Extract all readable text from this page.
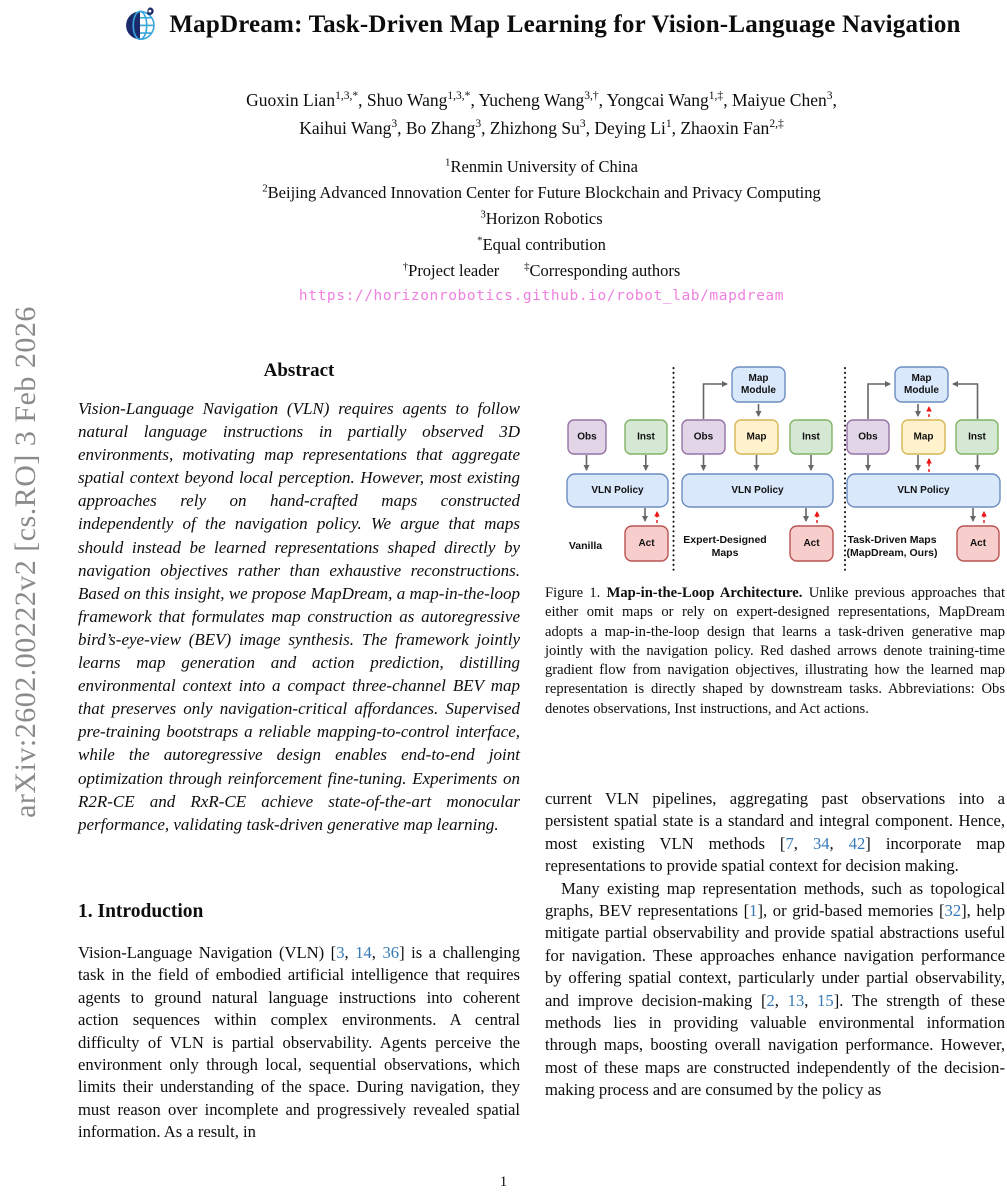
arXiv:2602.00222v2 [cs.RO] 3 Feb 2026
MapDream: Task-Driven Map Learning for Vision-Language Navigation
Guoxin Lian$^{1,3,*}$, Shuo Wang$^{1,3,*}$, Yucheng Wang$^{3,\dagger}$, Yongcai Wang$^{1,\ddagger}$, Maiyue Chen$^3$,
Kaihui Wang$^3$, Bo Zhang$^3$, Zhizhong Su$^3$, Deying Li$^1$, Zhaoxin Fan$^{2,\ddagger}$
$^1$Renmin University of China
$^2$Beijing Advanced Innovation Center for Future Blockchain and Privacy Computing
$^3$Horizon Robotics
*Equal contribution
†Project leader   ‡Corresponding authors
https://horizonrobotics.github.io/robot_lab/mapdream
Abstract
Vision-Language Navigation (VLN) requires agents to follow natural language instructions in partially observed 3D environments, motivating map representations that aggregate spatial context beyond local perception. However, most existing approaches rely on hand-crafted maps constructed independently of the navigation policy. We argue that maps should instead be learned representations shaped directly by navigation objectives rather than exhaustive reconstructions. Based on this insight, we propose MapDream, a map-in-the-loop framework that formulates map construction as autoregressive bird’s-eye-view (BEV) image synthesis. The framework jointly learns map generation and action prediction, distilling environmental context into a compact three-channel BEV map that preserves only navigation-critical affordances. Supervised pre-training bootstraps a reliable mapping-to-control interface, while the autoregressive design enables end-to-end joint optimization through reinforcement fine-tuning. Experiments on R2R-CE and RxR-CE achieve state-of-the-art monocular performance, validating task-driven generative map learning.
1. Introduction
Vision-Language Navigation (VLN) [3, 14, 36] is a challenging task in the field of embodied artificial intelligence that requires agents to ground natural language instructions into coherent action sequences within complex environments. A central difficulty of VLN is partial observability. Agents perceive the environment only through local, sequential observations, which limits their understanding of the space. During navigation, they must reason over incomplete and progressively revealed spatial information. As a result, in
Obs	Inst
VLN Policy
Act
Vanilla
Map
Module
Obs	Map	Inst
VLN Policy
Act
Expert-Designed
Maps
Map
Module
Obs	Map	Inst
VLN Policy
Act
Task-Driven Maps
(MapDream, Ours)
Figure 1. Map-in-the-Loop Architecture. Unlike previous approaches that either omit maps or rely on expert-designed representations, MapDream adopts a map-in-the-loop design that learns a task-driven generative map jointly with the navigation policy. Red dashed arrows denote training-time gradient flow from navigation objectives, illustrating how the learned map representation is directly shaped by downstream tasks. Abbreviations: Obs denotes observations, Inst instructions, and Act actions.

current VLN pipelines, aggregating past observations into a persistent spatial state is a standard and integral component. Hence, most existing VLN methods [7, 34, 42] incorporate map representations to provide spatial context for decision making.

Many existing map representation methods, such as topological graphs, BEV representations [1], or grid-based memories [32], help mitigate partial observability and provide spatial abstractions useful for navigation. These approaches enhance navigation performance by offering spatial context, particularly under partial observability, and improve decision-making [2, 13, 15]. The strength of these methods lies in providing valuable environmental information through maps, boosting overall navigation performance. However, most of these maps are constructed independently of the decision-making process and are consumed by the policy as

1
